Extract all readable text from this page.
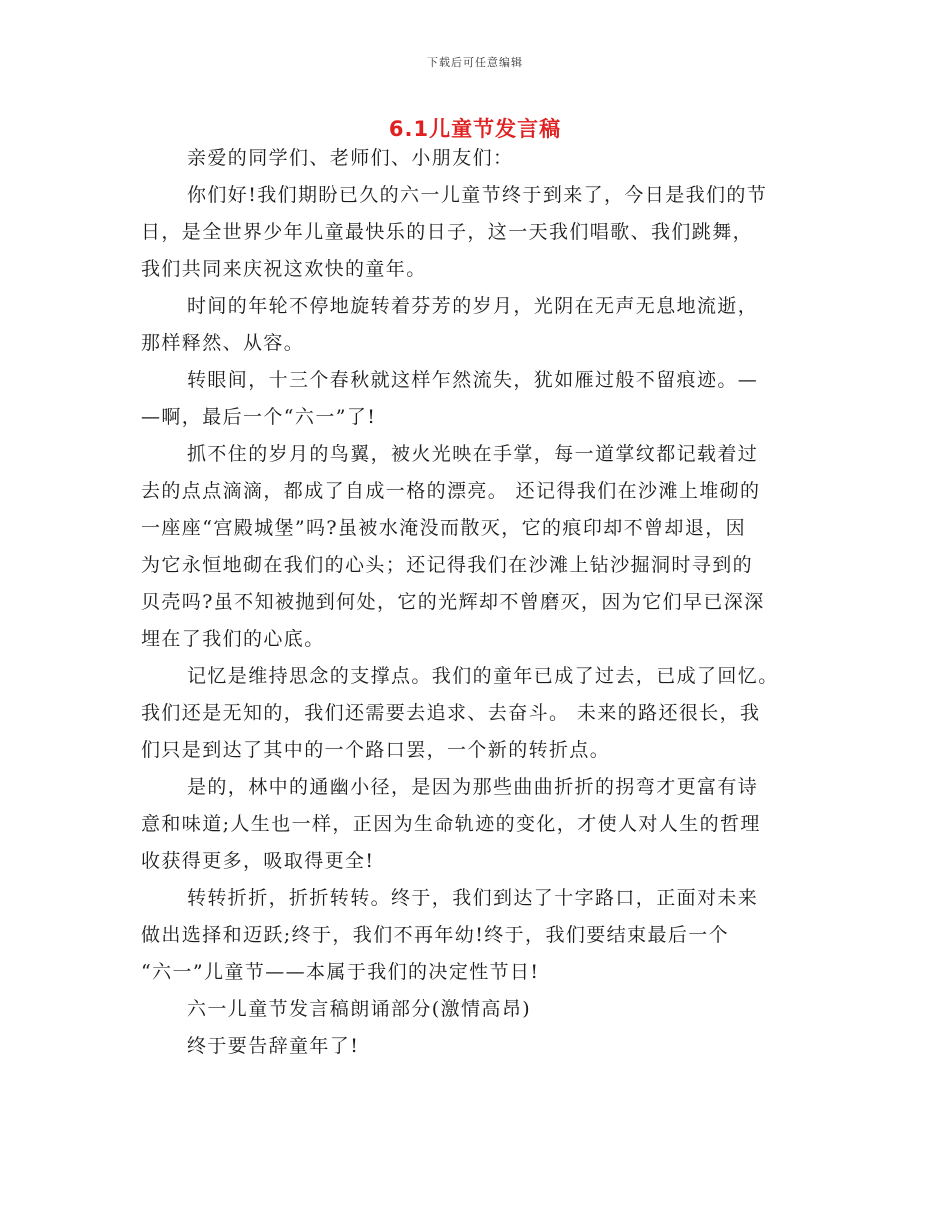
下载后可任意编辑
6.1儿童节发言稿
亲爱的同学们、老师们、小朋友们：
你们好!我们期盼已久的六一儿童节终于到来了，今日是我们的节
日，是全世界少年儿童最快乐的日子，这一天我们唱歌、我们跳舞，
我们共同来庆祝这欢快的童年。
时间的年轮不停地旋转着芬芳的岁月，光阴在无声无息地流逝，
那样释然、从容。
转眼间，十三个春秋就这样乍然流失，犹如雁过般不留痕迹。—
—啊，最后一个“六一”了!
抓不住的岁月的鸟翼，被火光映在手掌，每一道掌纹都记载着过
去的点点滴滴，都成了自成一格的漂亮。 还记得我们在沙滩上堆砌的
一座座“宫殿城堡”吗?虽被水淹没而散灭，它的痕印却不曾却退，因
为它永恒地砌在我们的心头；还记得我们在沙滩上钻沙掘洞时寻到的
贝壳吗?虽不知被抛到何处，它的光辉却不曾磨灭，因为它们早已深深
埋在了我们的心底。
记忆是维持思念的支撑点。我们的童年已成了过去，已成了回忆。
我们还是无知的，我们还需要去追求、去奋斗。 未来的路还很长，我
们只是到达了其中的一个路口罢，一个新的转折点。
是的，林中的通幽小径，是因为那些曲曲折折的拐弯才更富有诗
意和味道;人生也一样，正因为生命轨迹的变化，才使人对人生的哲理
收获得更多，吸取得更全!
转转折折，折折转转。终于，我们到达了十字路口，正面对未来
做出选择和迈跃;终于，我们不再年幼!终于，我们要结束最后一个
“六一”儿童节——本属于我们的决定性节日!
六一儿童节发言稿朗诵部分(激情高昂)
终于要告辞童年了!
